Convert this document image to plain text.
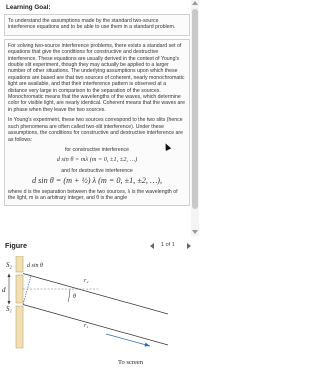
Learning Goal:

To understand the assumptions made by the standard two-source interference equations and to be able to use them in a standard problem.

For solving two-source interference problems, there exists a standard set of equations that give the conditions for constructive and destructive interference. These equations are usually derived in the context of Young's double slit experiment, though they may actually be applied to a larger number of other situations. The underlying assumptions upon which these equations are based are that two sources of coherent, nearly monochromatic light are available, and that their interference pattern is observed at a distance very large in comparison to the separation of the sources. Monochromatic means that the wavelengths of the waves, which determine color for visible light, are nearly identical. Coherent means that the waves are in phase when they leave the two sources.

In Young's experiment, these two sources correspond to the two slits (hence such phenomena are often called two-slit interference). Under these assumptions, the conditions for constructive and destructive interference are as follows:

for constructive interference

d sin θ = mλ (m = 0, ±1, ±2, …)

and for destructive interference

d sin θ = (m + ½) λ (m = 0, ±1, ±2, …),

where d is the separation between the two sources, λ is the wavelength of the light, m is an arbitrary integer, and θ is the angle

Figure	1 of 1
S₂
S₁
d
d sin θ
r₂
r₁
θ
To screen
